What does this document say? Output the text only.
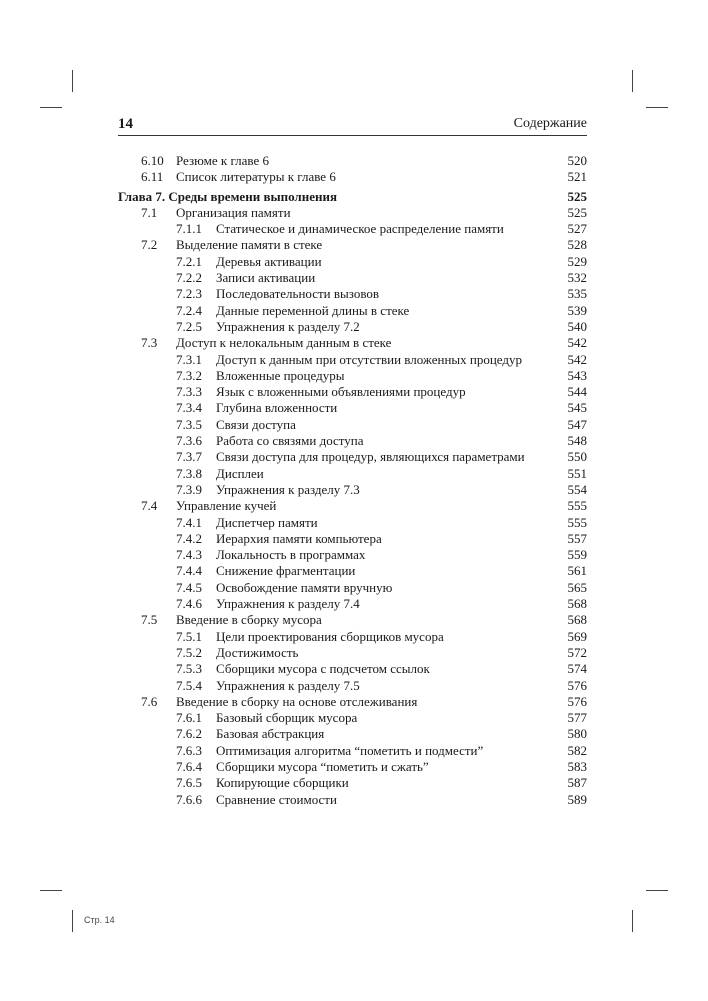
14	Содержание
6.10 Резюме к главе 6	520
6.11 Список литературы к главе 6	521
Глава 7. Среды времени выполнения	525
7.1 Организация памяти	525
7.1.1 Статическое и динамическое распределение памяти	527
7.2 Выделение памяти в стеке	528
7.2.1 Деревья активации	529
7.2.2 Записи активации	532
7.2.3 Последовательности вызовов	535
7.2.4 Данные переменной длины в стеке	539
7.2.5 Упражнения к разделу 7.2	540
7.3 Доступ к нелокальным данным в стеке	542
7.3.1 Доступ к данным при отсутствии вложенных процедур	542
7.3.2 Вложенные процедуры	543
7.3.3 Язык с вложенными объявлениями процедур	544
7.3.4 Глубина вложенности	545
7.3.5 Связи доступа	547
7.3.6 Работа со связями доступа	548
7.3.7 Связи доступа для процедур, являющихся параметрами	550
7.3.8 Дисплеи	551
7.3.9 Упражнения к разделу 7.3	554
7.4 Управление кучей	555
7.4.1 Диспетчер памяти	555
7.4.2 Иерархия памяти компьютера	557
7.4.3 Локальность в программах	559
7.4.4 Снижение фрагментации	561
7.4.5 Освобождение памяти вручную	565
7.4.6 Упражнения к разделу 7.4	568
7.5 Введение в сборку мусора	568
7.5.1 Цели проектирования сборщиков мусора	569
7.5.2 Достижимость	572
7.5.3 Сборщики мусора с подсчетом ссылок	574
7.5.4 Упражнения к разделу 7.5	576
7.6 Введение в сборку на основе отслеживания	576
7.6.1 Базовый сборщик мусора	577
7.6.2 Базовая абстракция	580
7.6.3 Оптимизация алгоритма “пометить и подмести”	582
7.6.4 Сборщики мусора “пометить и сжать”	583
7.6.5 Копирующие сборщики	587
7.6.6 Сравнение стоимости	589
Стр. 14
